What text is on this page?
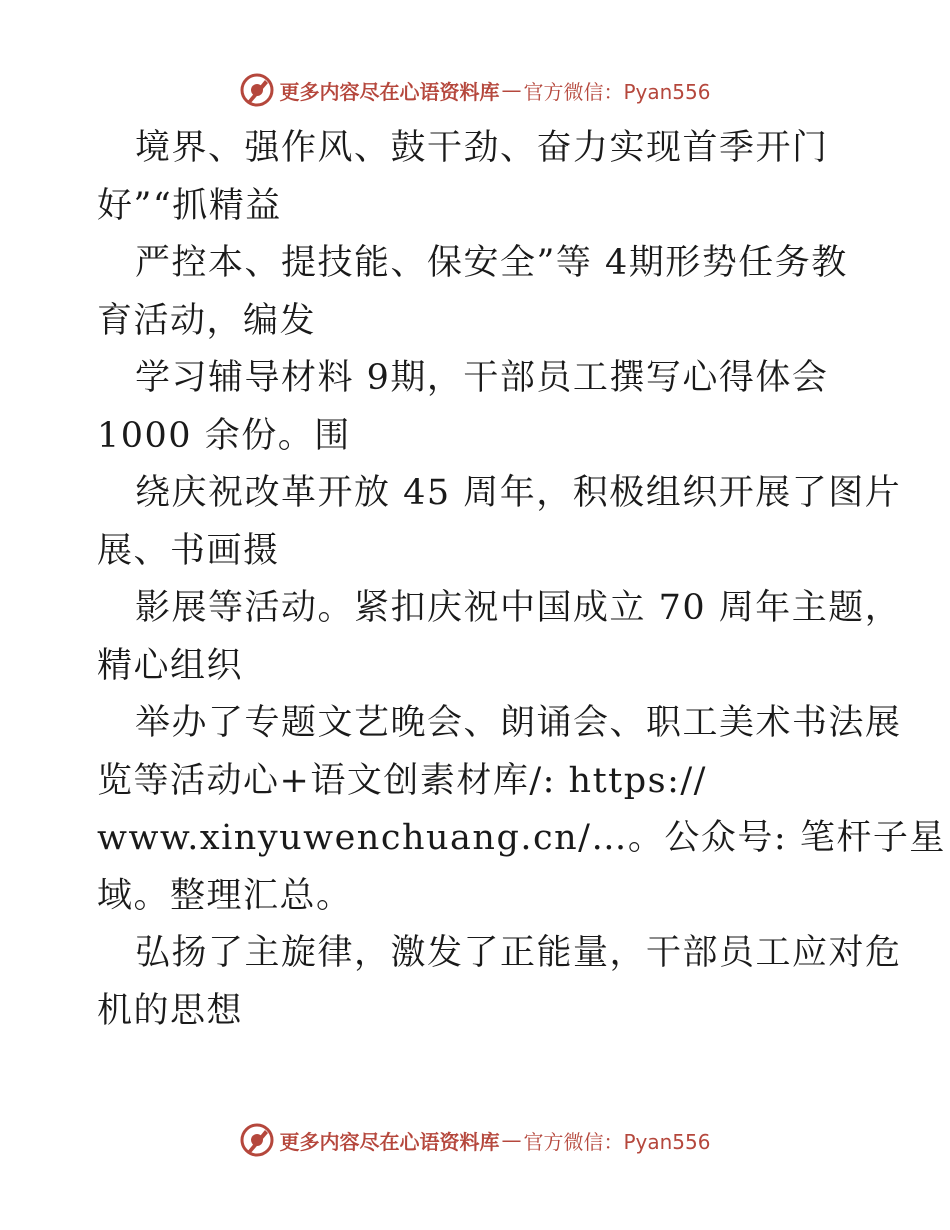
更多内容尽在心语资料库 — 官方微信：Pyan556
境界、强作风、鼓干劲、奋力实现首季开门
好”“抓精益
严控本、提技能、保安全”等 4期形势任务教
育活动，编发
学习辅导材料 9期，干部员工撰写心得体会
1000 余份。围
绕庆祝改革开放 45 周年，积极组织开展了图片
展、书画摄
影展等活动。紧扣庆祝中国成立 70 周年主题，
精心组织
举办了专题文艺晚会、朗诵会、职工美术书法展
览等活动心+语文创素材库/: https://
www.xinyuwenchuang.cn/…。公众号: 笔杆子星
域。整理汇总。
弘扬了主旋律，激发了正能量，干部员工应对危
机的思想
更多内容尽在心语资料库 — 官方微信：Pyan556
